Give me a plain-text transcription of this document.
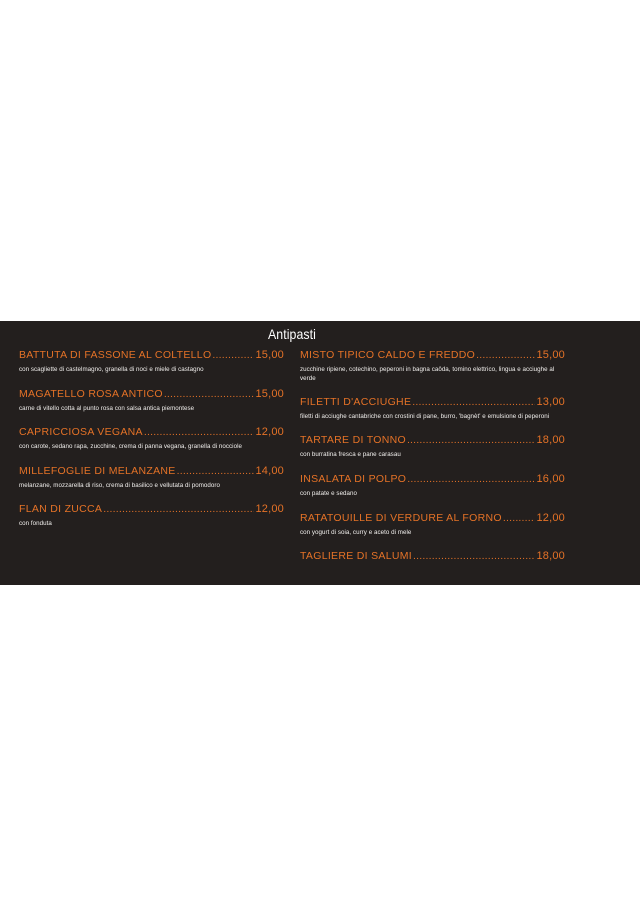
Antipasti
BATTUTA DI FASSONE AL COLTELLO .....	15,00
con scagliette di castelmagno, granella di noci e miele di castagno
MAGATELLO ROSA ANTICO .....	15,00
carne di vitello cotta al punto rosa con salsa antica piemontese
CAPRICCIOSA VEGANA .....	12,00
con carote, sedano rapa, zucchine, crema di panna vegana, granella di nocciole
MILLEFOGLIE DI MELANZANE .....	14,00
melanzane, mozzarella di riso, crema di basilico e vellutata di pomodoro
FLAN DI ZUCCA .....	12,00
con fonduta
MISTO TIPICO CALDO E FREDDO .....	15,00
zucchine ripiene, cotechino, peperoni in bagna caôda, tomino elettrico, lingua e acciughe al verde
FILETTI D'ACCIUGHE .....	13,00
filetti di acciughe cantabriche con crostini di pane, burro, 'bagnèt' e emulsione di peperoni
TARTARE DI TONNO .....	18,00
con burratina fresca e pane carasau
INSALATA DI POLPO .....	16,00
con patate e sedano
RATATOUILLE DI VERDURE AL FORNO .....	12,00
con yogurt di soia, curry e aceto di mele
TAGLIERE DI SALUMI .....	18,00
